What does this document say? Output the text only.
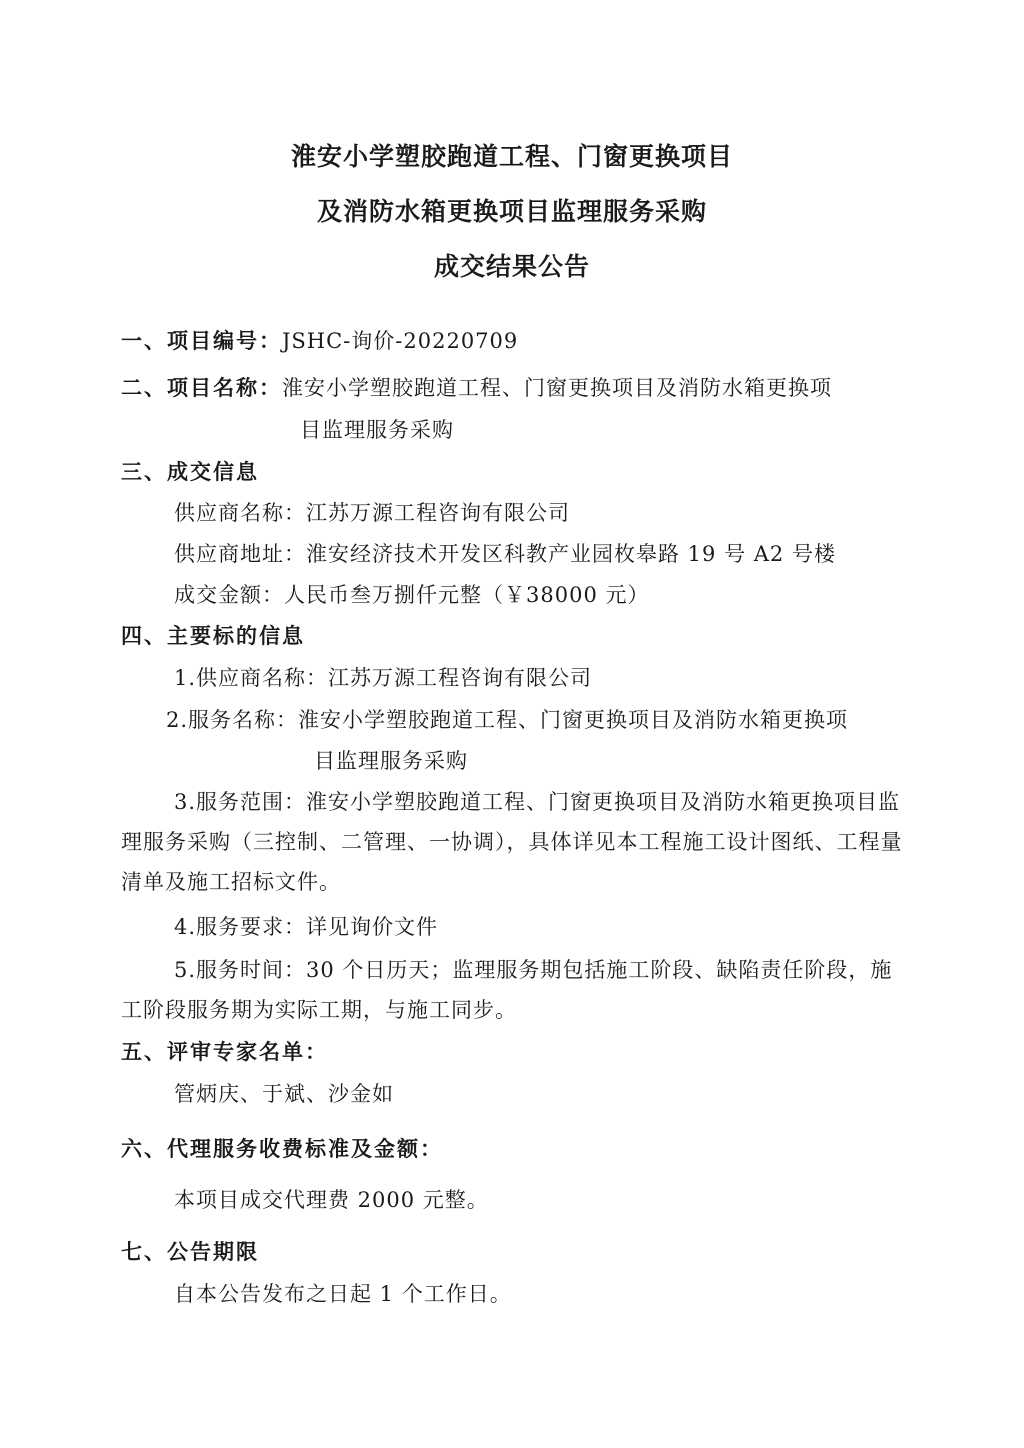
淮安小学塑胶跑道工程、门窗更换项目
及消防水箱更换项目监理服务采购
成交结果公告
一、项目编号：JSHC-询价-20220709
二、项目名称：淮安小学塑胶跑道工程、门窗更换项目及消防水箱更换项
目监理服务采购
三、成交信息
供应商名称：江苏万源工程咨询有限公司
供应商地址：淮安经济技术开发区科教产业园枚皋路 19 号 A2 号楼
成交金额：人民币叁万捌仟元整（￥38000 元）
四、主要标的信息
1.供应商名称：江苏万源工程咨询有限公司
2.服务名称：淮安小学塑胶跑道工程、门窗更换项目及消防水箱更换项
目监理服务采购
3.服务范围：淮安小学塑胶跑道工程、门窗更换项目及消防水箱更换项目监理服务采购（三控制、二管理、一协调），具体详见本工程施工设计图纸、工程量清单及施工招标文件。
4.服务要求：详见询价文件
5.服务时间：30 个日历天；监理服务期包括施工阶段、缺陷责任阶段，施工阶段服务期为实际工期，与施工同步。
五、评审专家名单：
管炳庆、于斌、沙金如
六、代理服务收费标准及金额：
本项目成交代理费 2000 元整。
七、公告期限
自本公告发布之日起 1 个工作日。
